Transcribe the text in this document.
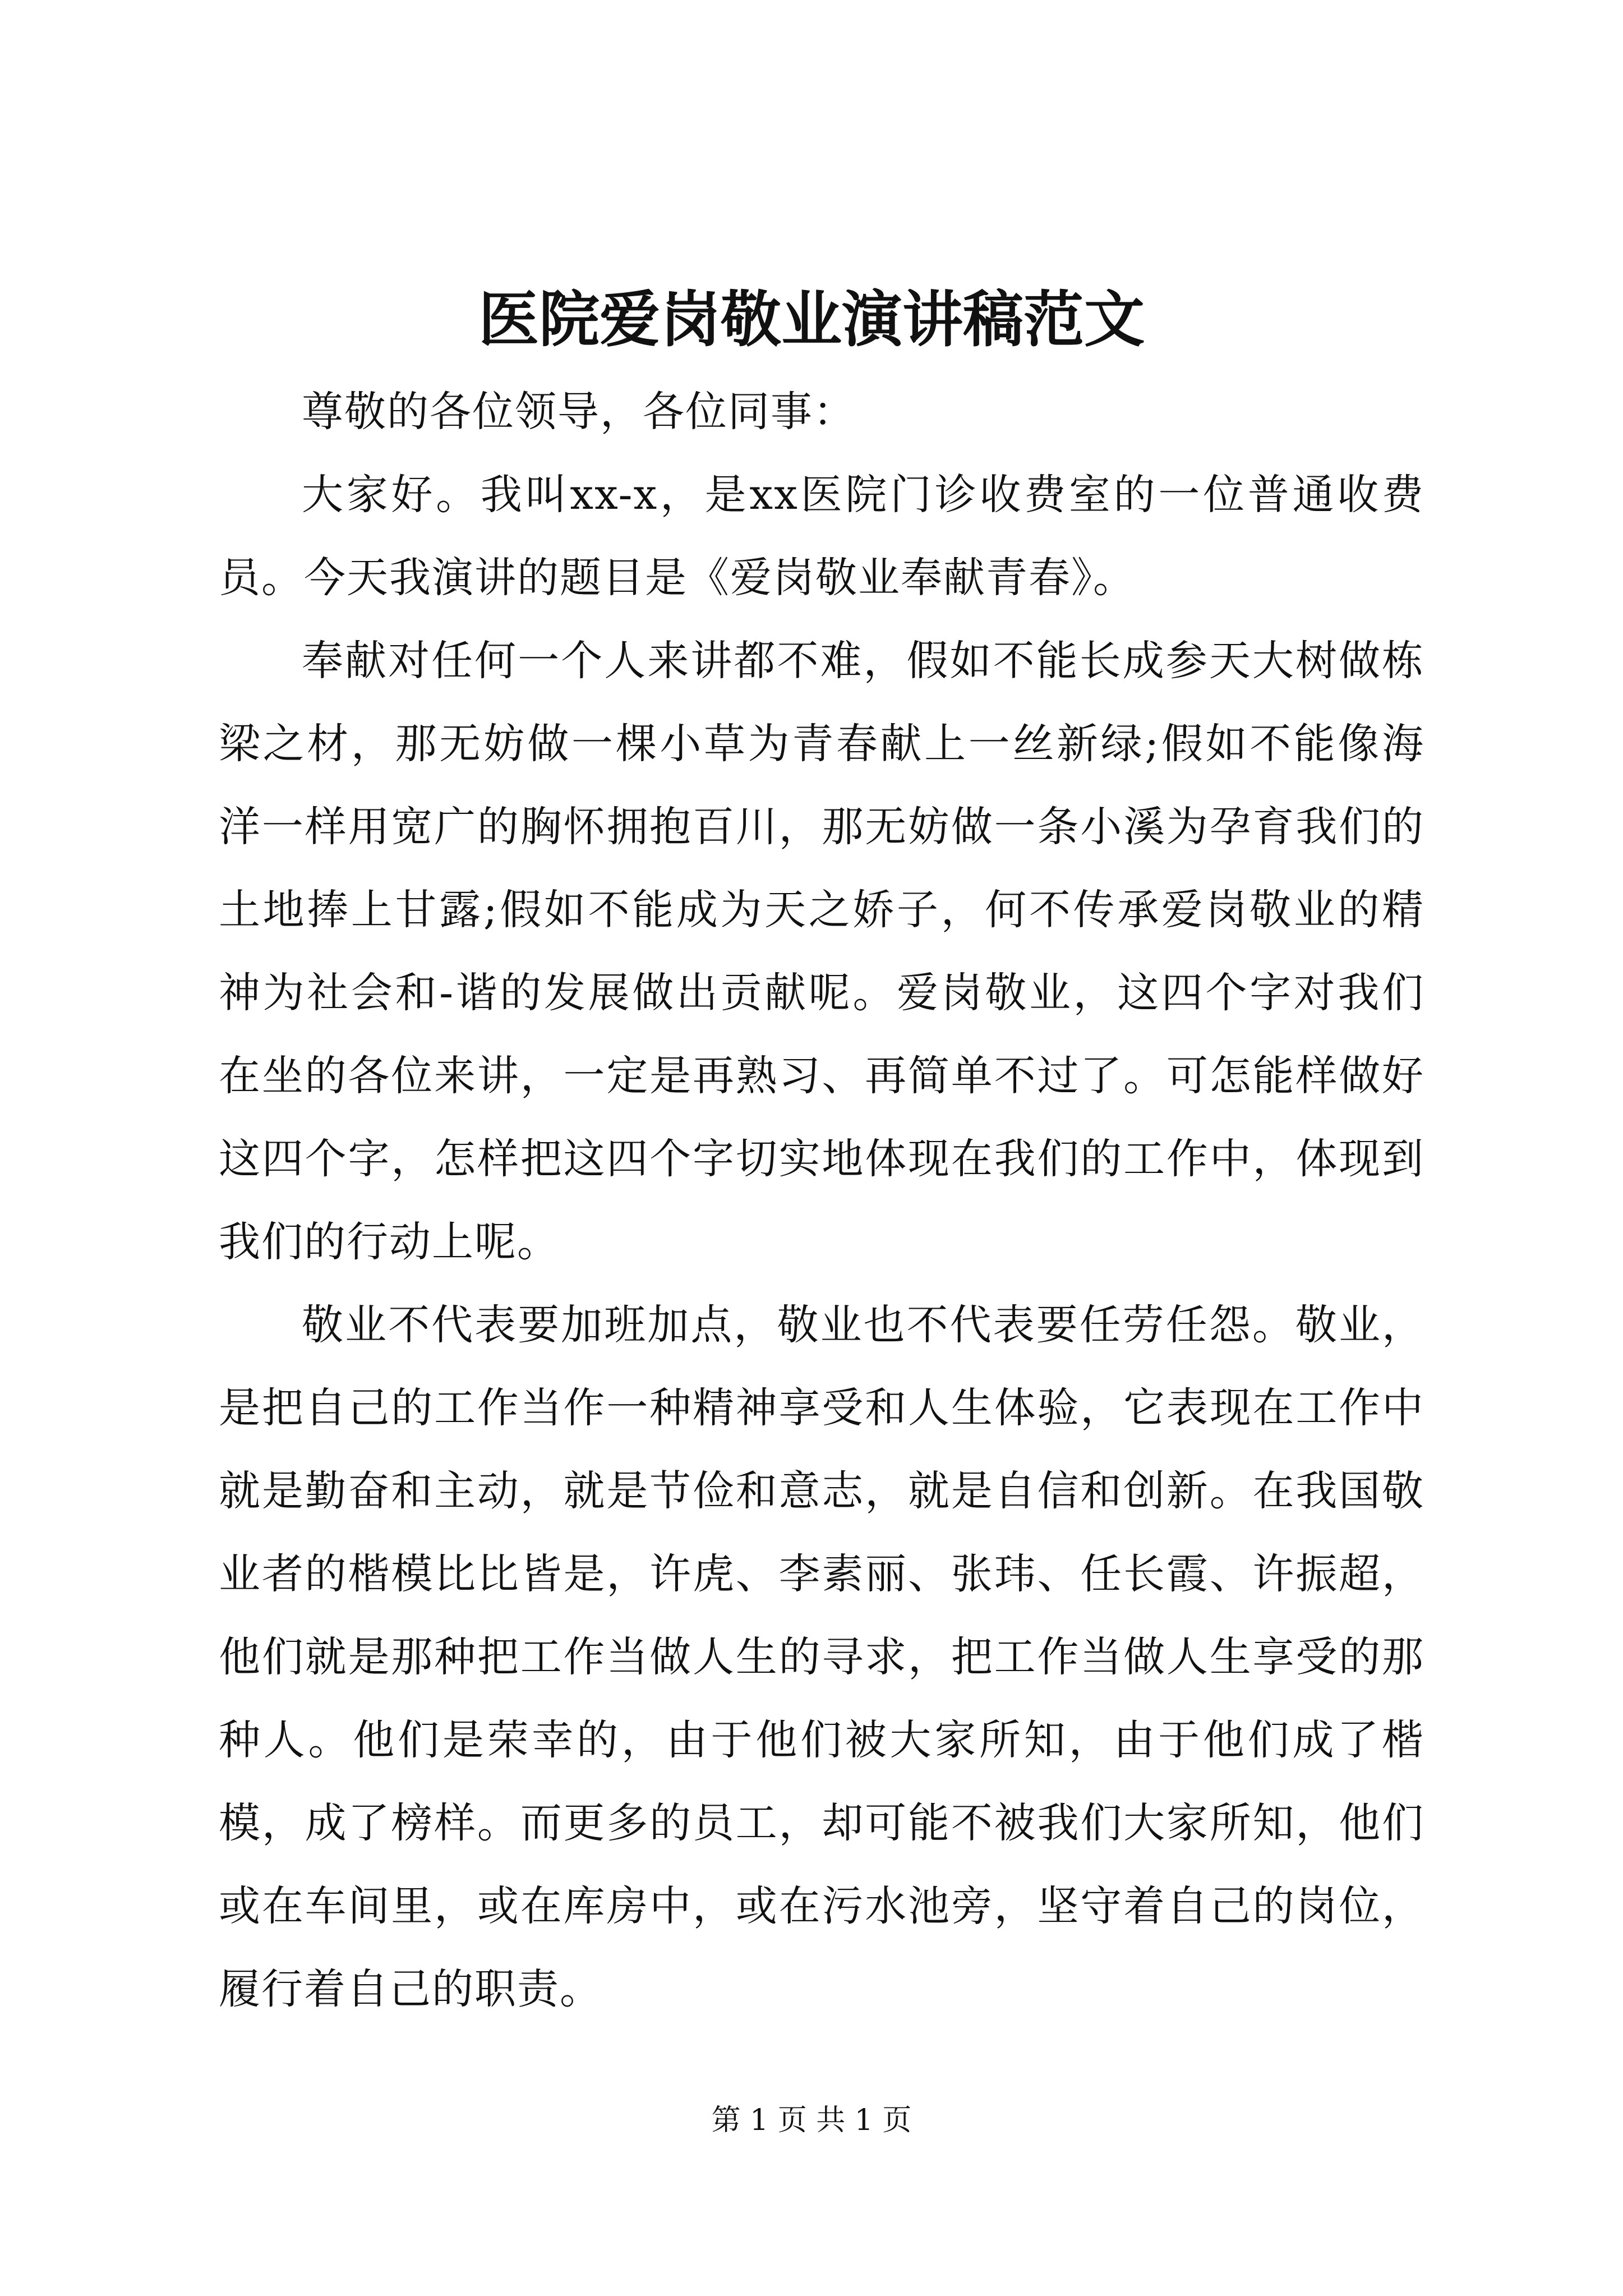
医院爱岗敬业演讲稿范文

尊敬的各位领导，各位同事：

大家好。我叫xx-x，是xx医院门诊收费室的一位普通收费员。今天我演讲的题目是《爱岗敬业奉献青春》。

奉献对任何一个人来讲都不难，假如不能长成参天大树做栋梁之材，那无妨做一棵小草为青春献上一丝新绿;假如不能像海洋一样用宽广的胸怀拥抱百川，那无妨做一条小溪为孕育我们的土地捧上甘露;假如不能成为天之娇子，何不传承爱岗敬业的精神为社会和-谐的发展做出贡献呢。爱岗敬业，这四个字对我们在坐的各位来讲，一定是再熟习、再简单不过了。可怎能样做好这四个字，怎样把这四个字切实地体现在我们的工作中，体现到我们的行动上呢。

敬业不代表要加班加点，敬业也不代表要任劳任怨。敬业，是把自己的工作当作一种精神享受和人生体验，它表现在工作中就是勤奋和主动，就是节俭和意志，就是自信和创新。在我国敬业者的楷模比比皆是，许虎、李素丽、张玮、任长霞、许振超，他们就是那种把工作当做人生的寻求，把工作当做人生享受的那种人。他们是荣幸的，由于他们被大家所知，由于他们成了楷模，成了榜样。而更多的员工，却可能不被我们大家所知，他们或在车间里，或在库房中，或在污水池旁，坚守着自己的岗位，履行着自己的职责。

第 1 页 共 1 页
